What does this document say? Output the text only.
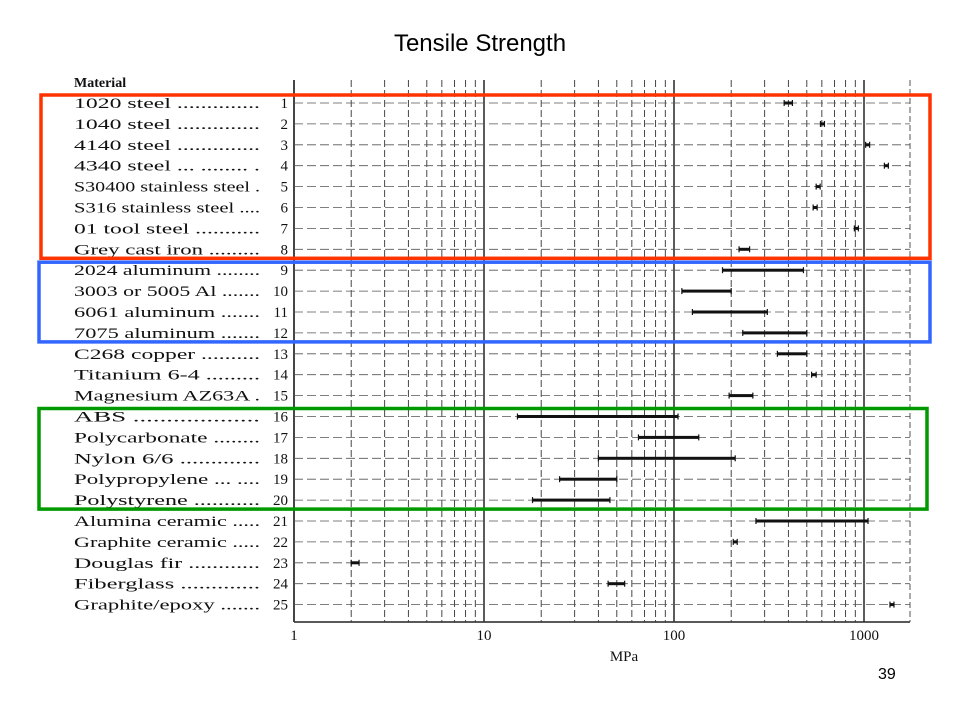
Tensile Strength
39
Material
1020 steel .............. 1
1040 steel .............. 2
4140 steel .............. 3
4340 steel ... ........ . 4
S30400 stainless steel . 5
S316 stainless steel .... 6
01 tool steel ........... 7
Grey cast iron ......... 8
2024 aluminum ........ 9
3003 or 5005 Al ....... 10
6061 aluminum ....... 11
7075 aluminum ....... 12
C268 copper .......... 13
Titanium 6-4 ......... 14
Magnesium AZ63A . 15
ABS ................... 16
Polycarbonate ........ 17
Nylon 6/6 ............. 18
Polypropylene ... .... 19
Polystyrene ........... 20
Alumina ceramic ..... 21
Graphite ceramic ..... 22
Douglas fir ............ 23
Fiberglass ............. 24
Graphite/epoxy ....... 25
1	10	100	1000
MPa
